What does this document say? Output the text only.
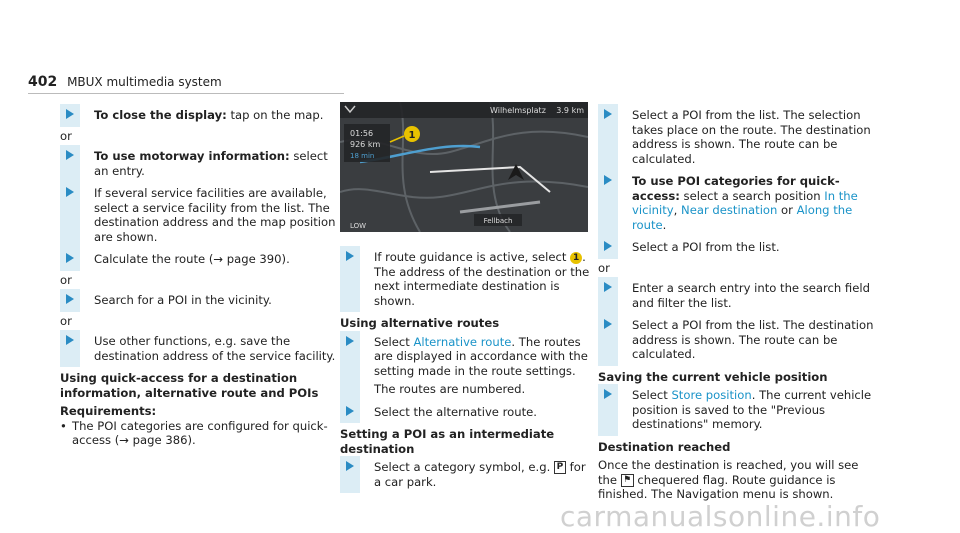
402 MBUX multimedia system
To close the display: tap on the map.
or
To use motorway information: select an entry.
If several service facilities are available, select a service facility from the list. The destination address and the map position are shown.
Calculate the route (→ page 390).
or
Search for a POI in the vicinity.
or
Use other functions, e.g. save the destination address of the service facility.
Using quick-access for a destination information, alternative route and POIs
Requirements:
• The POI categories are configured for quick-access (→ page 386).
1
01:56
926 km
18 min
Wilhelmsplatz 3.9 km
Fellbach
LOW
If route guidance is active, select 1 . The address of the destination or the next intermediate destination is shown.
Using alternative routes
Select Alternative route. The routes are displayed in accordance with the setting made in the route settings.
The routes are numbered.
Select the alternative route.
Setting a POI as an intermediate destination
Select a category symbol, e.g. P for a car park.
Select a POI from the list. The selection takes place on the route. The destination address is shown. The route can be calculated.
To use POI categories for quick-access: select a search position In the vicinity, Near destination or Along the route.
Select a POI from the list.
or
Enter a search entry into the search field and filter the list.
Select a POI from the list. The destination address is shown. The route can be calculated.
Saving the current vehicle position
Select Store position. The current vehicle position is saved to the "Previous destinations" memory.
Destination reached
Once the destination is reached, you will see the ⚑ chequered flag. Route guidance is finished. The Navigation menu is shown.
carmanualsonline.info
